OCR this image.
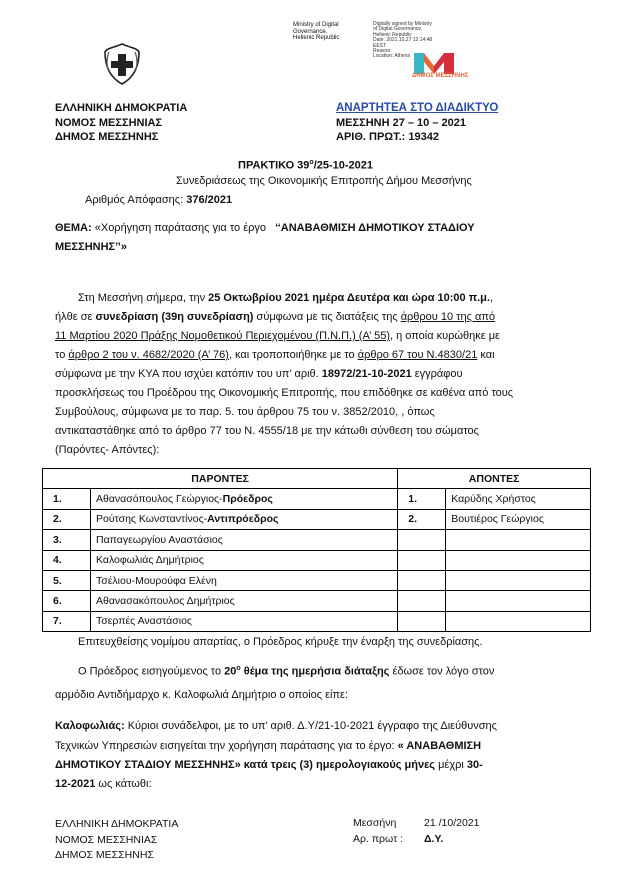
Ministry of Digital
Governance,
Hellenic Republic
Digitally signed by Ministry
of Digital Governance,
Hellenic Republic
Date: 2021.10.27 12:14:48
EEST
Reason:
Location: Athens
ΔΗΜΟΣ ΜΕΣΣΗΝΗΣ
ΕΛΛΗΝΙΚΗ ΔΗΜΟΚΡΑΤΙΑ
ΝΟΜΟΣ ΜΕΣΣΗΝΙΑΣ
ΔΗΜΟΣ ΜΕΣΣΗΝΗΣ
ΑΝΑΡΤΗΤΕΑ ΣΤΟ ΔΙΑΔΙΚΤΥΟ
ΜΕΣΣΗΝΗ 27 – 10 – 2021
ΑΡΙΘ. ΠΡΩΤ.: 19342
ΠΡΑΚΤΙΚΟ $39^o/25-10-2021$
Συνεδριάσεως της Οικονομικής Επιτροπής Δήμου Μεσσήνης
Αριθμός Απόφασης: 376/2021
ΘΕΜΑ: «Χορήγηση παράτασης για το έργο ‘‘ΑΝΑΒΑΘΜΙΣΗ ΔΗΜΟΤΙΚΟΥ ΣΤΑΔΙΟΥ
ΜΕΣΣΗΝΗΣ’’»
Στη Μεσσήνη σήμερα, την 25 Οκτωβρίου 2021 ημέρα Δευτέρα και ώρα 10:00 π.μ.,
ήλθε σε συνεδρίαση (39η συνεδρίαση) σύμφωνα με τις διατάξεις της άρθρου 10 της από
11 Μαρτίου 2020 Πράξης Νομοθετικού Περιεχομένου (Π.Ν.Π.) (Α’ 55), η οποία κυρώθηκε με
το άρθρο 2 του ν. 4682/2020 (Α’ 76), και τροποποιήθηκε με το άρθρο 67 του Ν.4830/21 και
σύμφωνα με την ΚΥΑ που ισχύει κατόπιν του υπ’ αριθ. 18972/21-10-2021 εγγράφου
προσκλήσεως του Προέδρου της Οικονομικής Επιτροπής, που επιδόθηκε σε καθένα από τους
Συμβούλους, σύμφωνα με το παρ. 5. του άρθρου 75 του ν. 3852/2010, , όπως
αντικαταστάθηκε από το άρθρο 77 του Ν. 4555/18 με την κάτωθι σύνθεση του σώματος
(Παρόντες- Απόντες):
ΠΑΡΟΝΤΕΣ		ΑΠΟΝΤΕΣ	
1.	Αθανασόπουλος Γεώργιος-Πρόεδρος	1.	Καρύδης Χρήστος
2.	Ρούτσης Κωνσταντίνος-Αντιπρόεδρος	2.	Βουτιέρος Γεώργιος
3.	Παπαγεωργίου Αναστάσιος		
4.	Καλοφωλιάς Δημήτριος		
5.	Τσέλιου-Μουρούφα Ελένη		
6.	Αθανασακόπουλος Δημήτριος		
7.	Τσερπές Αναστάσιος		
Επιτευχθείσης νομίμου απαρτίας, ο Πρόεδρος κήρυξε την έναρξη της συνεδρίασης.
Ο Πρόεδρος εισηγούμενος το $20^o$ θέμα της ημερήσια διάταξης έδωσε τον λόγο στον
αρμόδιο Αντιδήμαρχο κ. Καλοφωλιά Δημήτριο ο οποίος είπε:
Καλοφωλιάς: Κύριοι συνάδελφοι, με το υπ’ αριθ. Δ.Υ/21-10-2021 έγγραφο της Διεύθυνσης
Τεχνικών Υπηρεσιών εισηγείται την χορήγηση παράτασης για το έργο: « ΑΝΑΒΑΘΜΙΣΗ
ΔΗΜΟΤΙΚΟΥ ΣΤΑΔΙΟΥ ΜΕΣΣΗΝΗΣ» κατά τρεις (3) ημερολογιακούς μήνες μέχρι 30-
12-2021 ως κάτωθι:
ΕΛΛΗΝΙΚΗ ΔΗΜΟΚΡΑΤΙΑ
ΝΟΜΟΣ ΜΕΣΣΗΝΙΑΣ
ΔΗΜΟΣ ΜΕΣΣΗΝΗΣ
Μεσσήνη	21 /10/2021
Αρ. πρωτ : Δ.Υ.
